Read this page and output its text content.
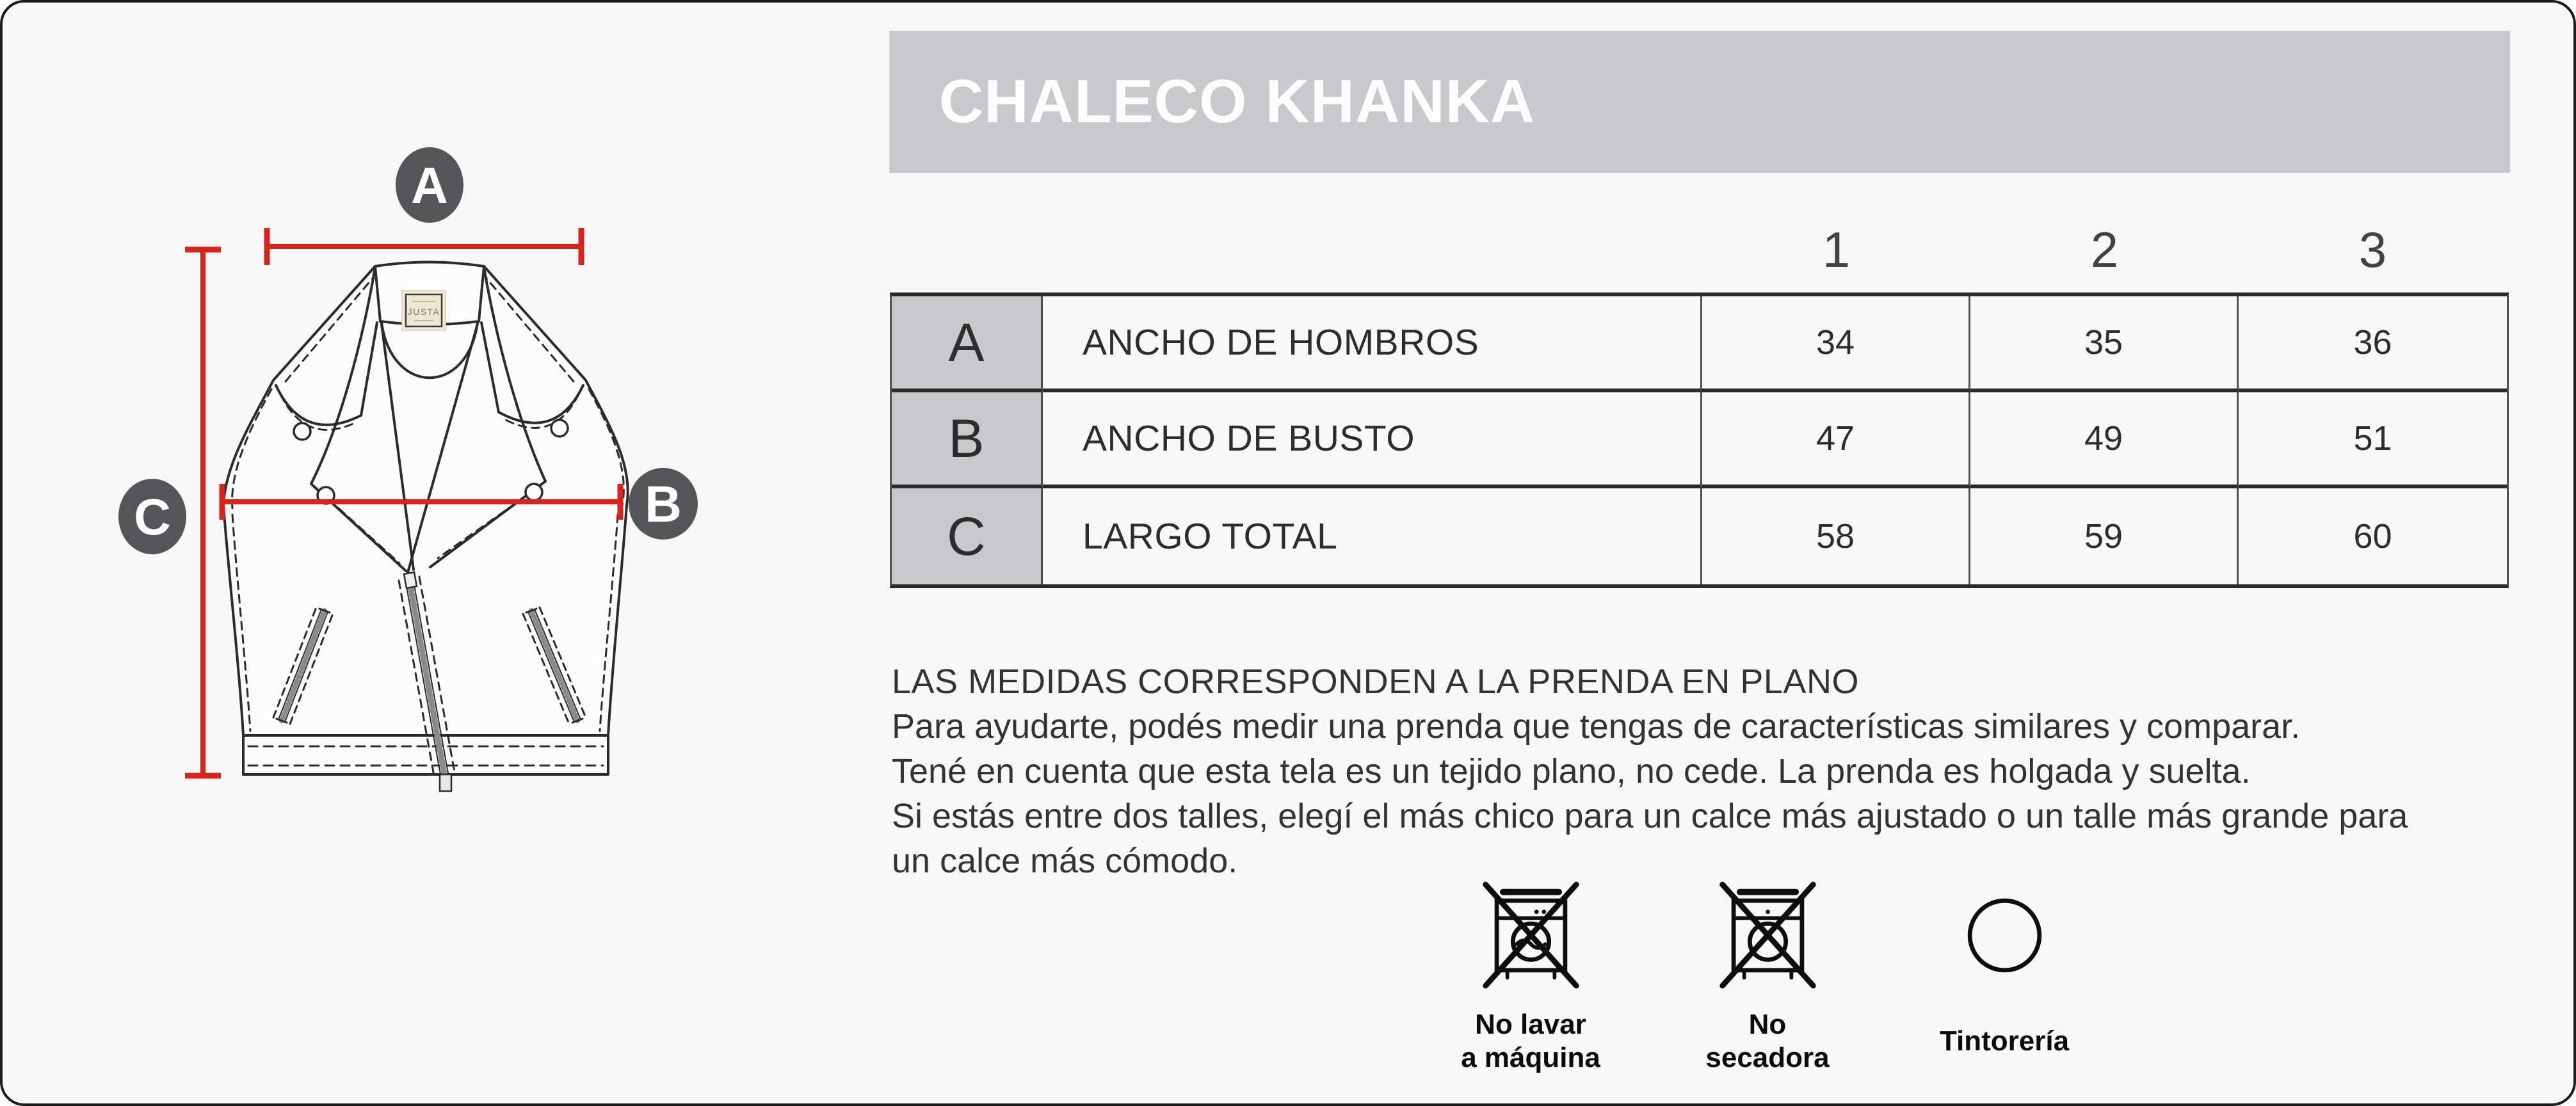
JUSTA
A
B
C
CHALECO KHANKA
1	2	3
A	ANCHO DE HOMBROS	34	35	36
B	ANCHO DE BUSTO	47	49	51
C	LARGO TOTAL	58	59	60

LAS MEDIDAS CORRESPONDEN A LA PRENDA EN PLANO

Para ayudarte, podés medir una prenda que tengas de características similares y comparar.

Tené en cuenta que esta tela es un tejido plano, no cede. La prenda es holgada y suelta.

Si estás entre dos talles, elegí el más chico para un calce más ajustado o un talle más grande para un calce más cómodo.

No lavar
a máquina
No
secadora
Tintorería
